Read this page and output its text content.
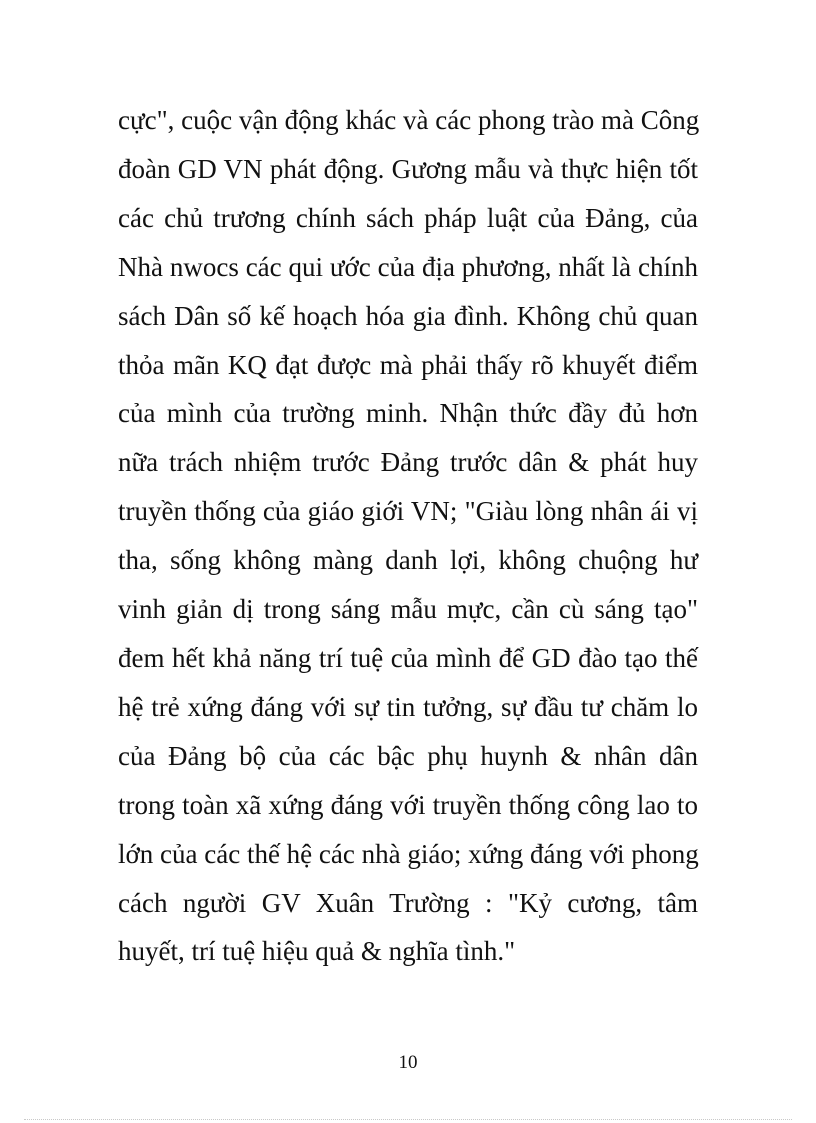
cực", cuộc vận động khác và các phong trào mà Công
đoàn GD VN phát động. Gương mẫu và thực hiện tốt
các chủ trương chính sách pháp luật của Đảng, của
Nhà nwocs các qui ước của địa phương, nhất là chính
sách Dân số kế hoạch hóa gia đình. Không chủ quan
thỏa mãn KQ đạt được mà phải thấy rõ khuyết điểm
của mình của trường minh. Nhận thức đầy đủ hơn
nữa trách nhiệm trước Đảng trước dân & phát huy
truyền thống của giáo giới VN; "Giàu lòng nhân ái vị
tha, sống không màng danh lợi, không chuộng hư
vinh giản dị trong sáng mẫu mực, cần cù sáng tạo"
đem hết khả năng trí tuệ của mình để GD đào tạo thế
hệ trẻ xứng đáng với sự tin tưởng, sự đầu tư chăm lo
của Đảng bộ của các bậc phụ huynh & nhân dân
trong toàn xã xứng đáng với truyền thống công lao to
lớn của các thế hệ các nhà giáo; xứng đáng với phong
cách người GV Xuân Trường : "Kỷ cương, tâm
huyết, trí tuệ hiệu quả & nghĩa tình."
10
